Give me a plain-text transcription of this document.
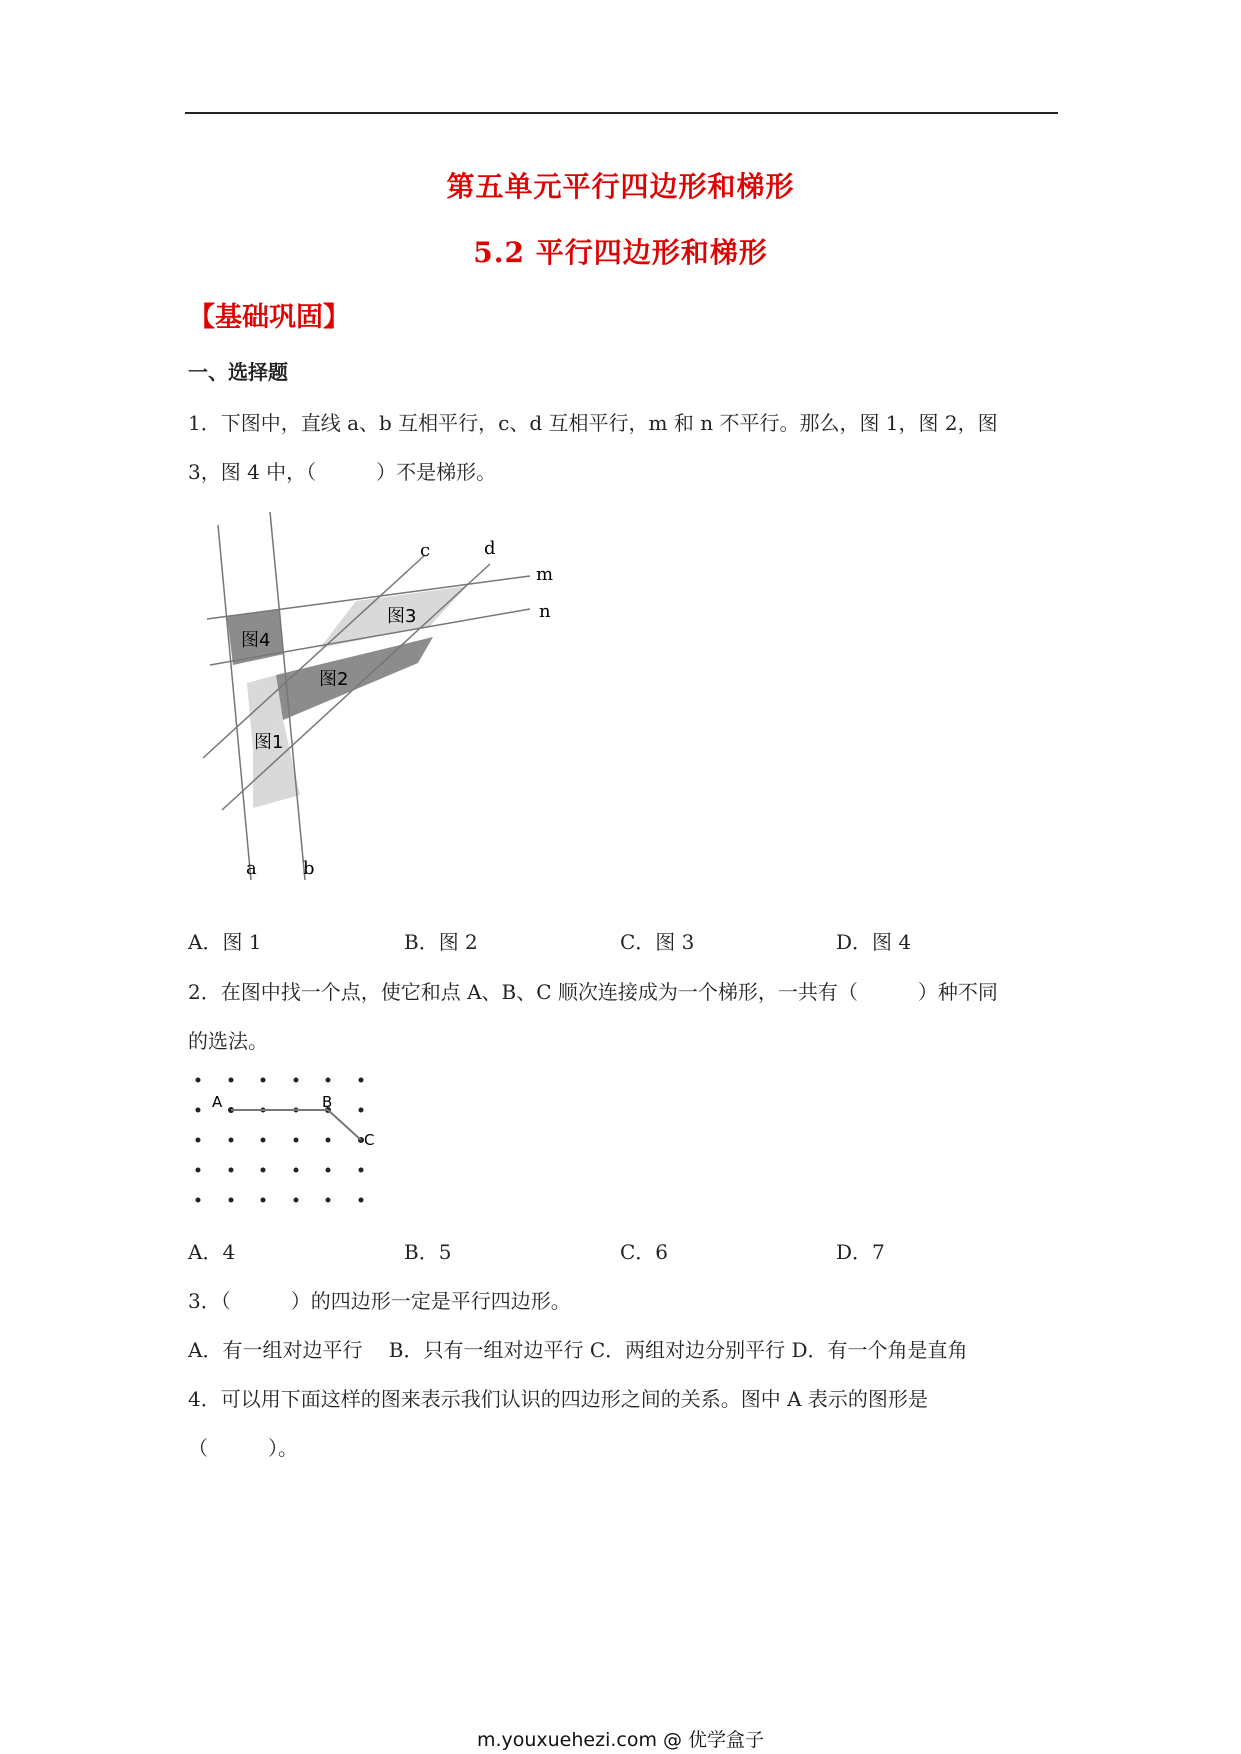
第五单元平行四边形和梯形
5.2 平行四边形和梯形
【基础巩固】
一、选择题
1．下图中，直线 a、b 互相平行，c、d 互相平行，m 和 n 不平行。那么，图 1，图 2，图
3，图 4 中，（　　　）不是梯形。
a	b
c	d
m
n
图4
图3
图2
图1
A．图 1	B．图 2	C．图 3	D．图 4
2．在图中找一个点，使它和点 A、B、C 顺次连接成为一个梯形，一共有（　　　）种不同
的选法。
A	B
C
A．4	B．5	C．6	D．7
3．（　　　）的四边形一定是平行四边形。
A．有一组对边平行　 B．只有一组对边平行 C．两组对边分别平行 D．有一个角是直角
4．可以用下面这样的图来表示我们认识的四边形之间的关系。图中 A 表示的图形是
（　　　）。
m.youxuehezi.com @ 优学盒子
